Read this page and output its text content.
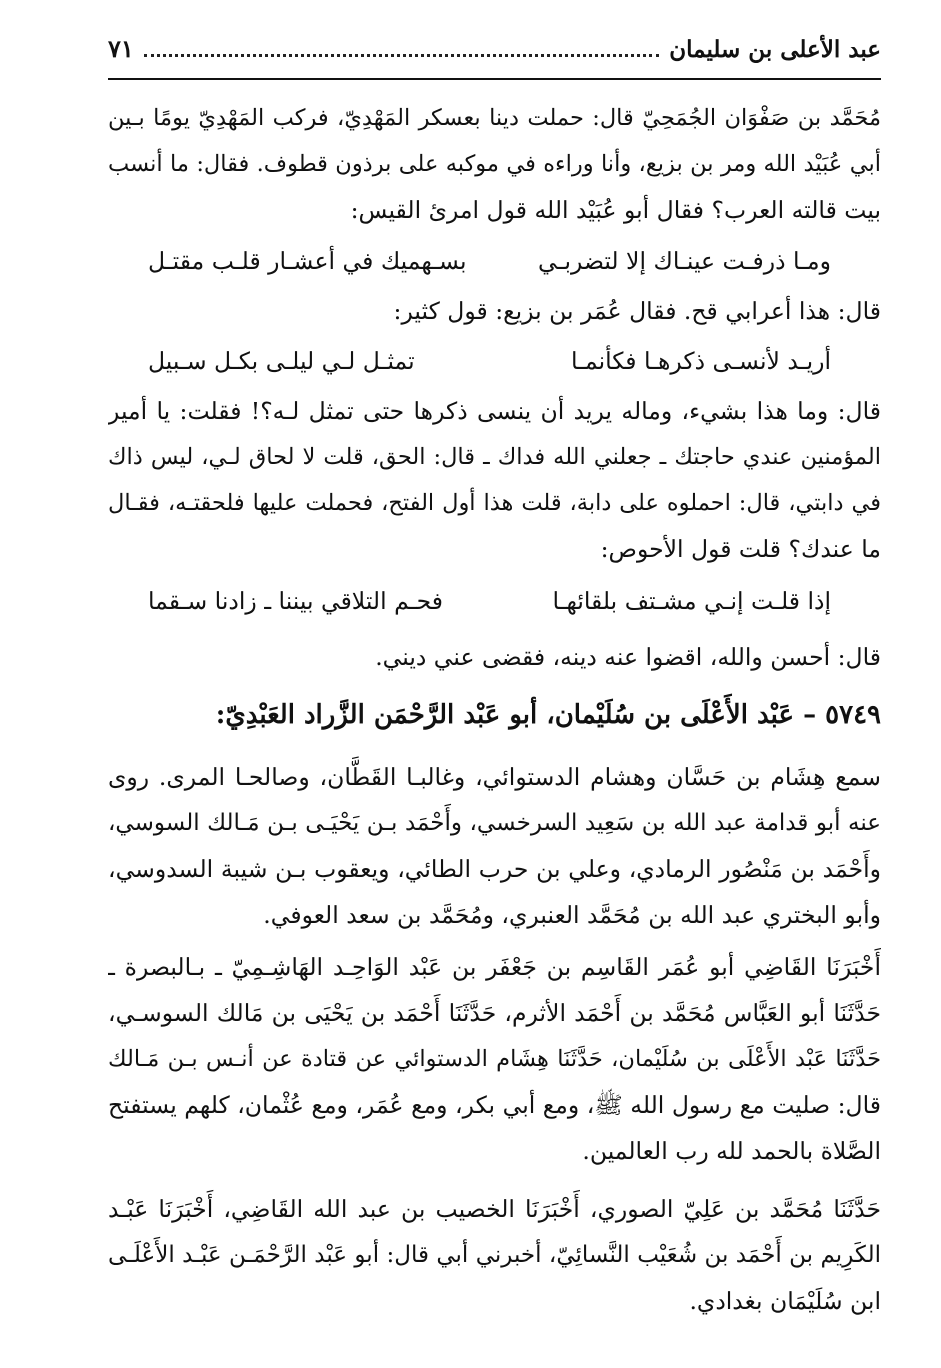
عبد الأعلى بن سليمان
٧١
مُحَمَّد بن صَفْوَان الجُمَحِيّ قال: حملت دينا بعسكر المَهْدِيّ، فركب المَهْدِيّ يومًا بـين
أبي عُبَيْد الله ومر بن بزيع، وأنا وراءه في موكبه على برذون قطوف. فقال: ما أنسب
بيت قالته العرب؟ فقال أبو عُبَيْد الله قول امرئ القيس:
ومـا ذرفـت عينـاك إلا لتضربـي
بسـهميك في أعشـار قلـب مقتـل
قال: هذا أعرابي قح. فقال عُمَر بن بزيع: قول كثير:
أريـد لأنسـى ذكرهـا فكأنمـا
تمثـل لـي ليلـى بكـل سـبيل
قال: وما هذا بشيء، وماله يريد أن ينسى ذكرها حتى تمثل لـه؟! فقلت: يا أمير
المؤمنين عندي حاجتك ـ جعلني الله فداك ـ قال: الحق، قلت لا لحاق لـي، ليس ذاك
في دابتي، قال: احملوه على دابة، قلت هذا أول الفتح، فحملت عليها فلحقتـه، فقـال
ما عندك؟ قلت قول الأحوص:
إذا قلـت إنـي مشـتف بلقائهـا
فحـم التلاقي بيننا ـ زادنا سـقما
قال: أحسن والله، اقضوا عنه دينه، فقضى عني ديني.
٥٧٤٩ – عَبْد الأَعْلَى بن سُلَيْمان، أبو عَبْد الرَّحْمَن الزَّراد العَبْدِيّ:
سمع هِشَام بن حَسَّان وهشام الدستوائي، وغالبـا القَطَّان، وصالحـا المرى. روى
عنه أبو قدامة عبد الله بن سَعِيد السرخسي، وأَحْمَد بـن يَحْيَـى بـن مَـالك السوسي،
وأَحْمَد بن مَنْصُور الرمادي، وعلي بن حرب الطائي، ويعقوب بـن شيبة السدوسي،
وأبو البختري عبد الله بن مُحَمَّد العنبري، ومُحَمَّد بن سعد العوفي.
أَخْبَرَنَا القَاضِي أبو عُمَر القَاسِم بن جَعْفَر بن عَبْد الوَاحِـد الهَاشِـمِيّ ـ بـالبصرة ـ
حَدَّثَنَا أبو العَبَّاس مُحَمَّد بن أَحْمَد الأثرم، حَدَّثَنَا أَحْمَد بن يَحْيَى بن مَالك السوسـي،
حَدَّثَنَا عَبْد الأَعْلَى بن سُلَيْمان، حَدَّثَنَا هِشَام الدستوائي عن قتادة عن أنـس بـن مَـالك
قال: صليت مع رسول الله ﷺ، ومع أبي بكر، ومع عُمَر، ومع عُثْمان، كلهم يستفتح
الصَّلاة بالحمد لله رب العالمين.
حَدَّثَنَا مُحَمَّد بن عَلِيّ الصوري، أَخْبَرَنَا الخصيب بن عبد الله القَاضِي، أَخْبَرَنَا عَبْـد
الكَرِيم بن أَحْمَد بن شُعَيْب النَّسائِيّ، أخبرني أبي قال: أبو عَبْد الرَّحْمَـن عَبْـد الأَعْلَـى
ابن سُلَيْمَان بغدادي.
